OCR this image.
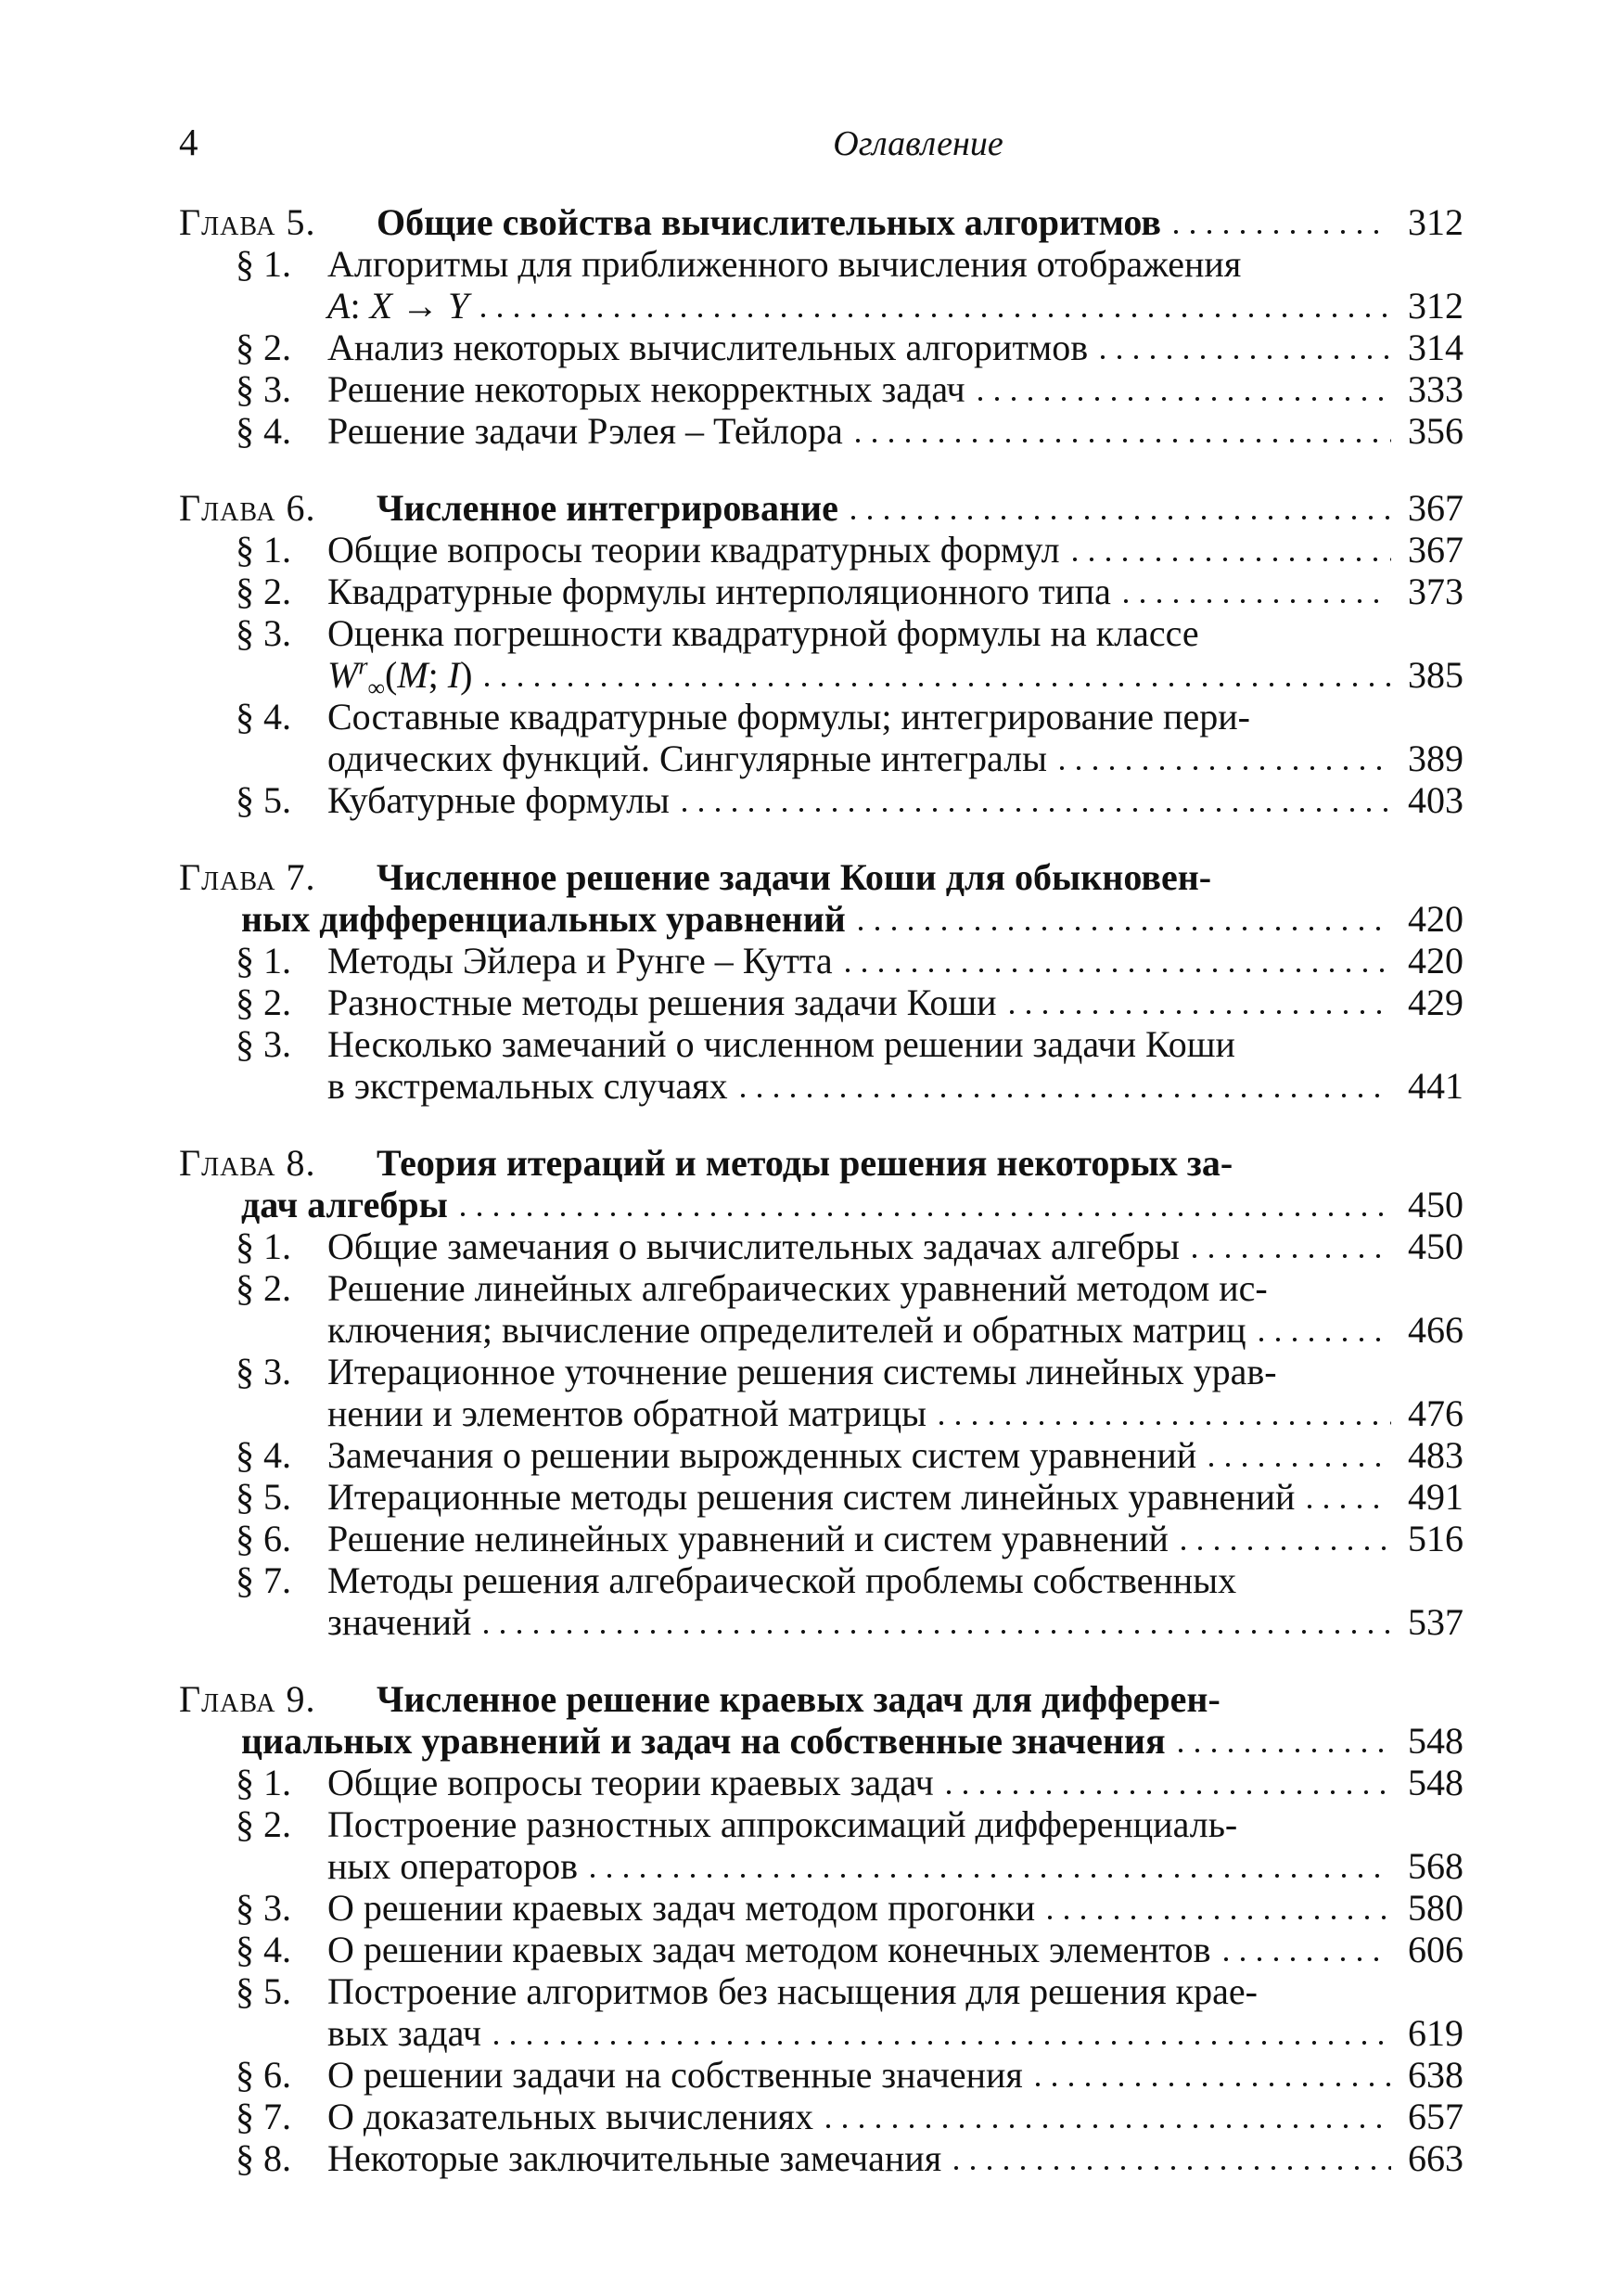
4	Оглавление
Глава 5. Общие свойства вычислительных алгоритмов	312
§ 1. Алгоритмы для приближенного вычисления отображения
A: X → Y	312
§ 2. Анализ некоторых вычислительных алгоритмов	314
§ 3. Решение некоторых некорректных задач	333
§ 4. Решение задачи Рэлея – Тейлора	356
Глава 6. Численное интегрирование	367
§ 1. Общие вопросы теории квадратурных формул	367
§ 2. Квадратурные формулы интерполяционного типа	373
§ 3. Оценка погрешности квадратурной формулы на классе
$W^r_\infty(M$; I)	385
§ 4. Составные квадратурные формулы; интегрирование пери-
одических функций. Сингулярные интегралы	389
§ 5. Кубатурные формулы	403
Глава 7. Численное решение задачи Коши для обыкновен-
ных дифференциальных уравнений	420
§ 1. Методы Эйлера и Рунге – Кутта	420
§ 2. Разностные методы решения задачи Коши	429
§ 3. Несколько замечаний о численном решении задачи Коши
в экстремальных случаях	441
Глава 8. Теория итераций и методы решения некоторых за-
дач алгебры	450
§ 1. Общие замечания о вычислительных задачах алгебры	450
§ 2. Решение линейных алгебраических уравнений методом ис-
ключения; вычисление определителей и обратных матриц	466
§ 3. Итерационное уточнение решения системы линейных урав-
нении и элементов обратной матрицы	476
§ 4. Замечания о решении вырожденных систем уравнений	483
§ 5. Итерационные методы решения систем линейных уравнений	491
§ 6. Решение нелинейных уравнений и систем уравнений	516
§ 7. Методы решения алгебраической проблемы собственных
значений	537
Глава 9. Численное решение краевых задач для дифферен-
циальных уравнений и задач на собственные значения	548
§ 1. Общие вопросы теории краевых задач	548
§ 2. Построение разностных аппроксимаций дифференциаль-
ных операторов	568
§ 3. О решении краевых задач методом прогонки	580
§ 4. О решении краевых задач методом конечных элементов	606
§ 5. Построение алгоритмов без насыщения для решения крае-
вых задач	619
§ 6. О решении задачи на собственные значения	638
§ 7. О доказательных вычислениях	657
§ 8. Некоторые заключительные замечания	663
